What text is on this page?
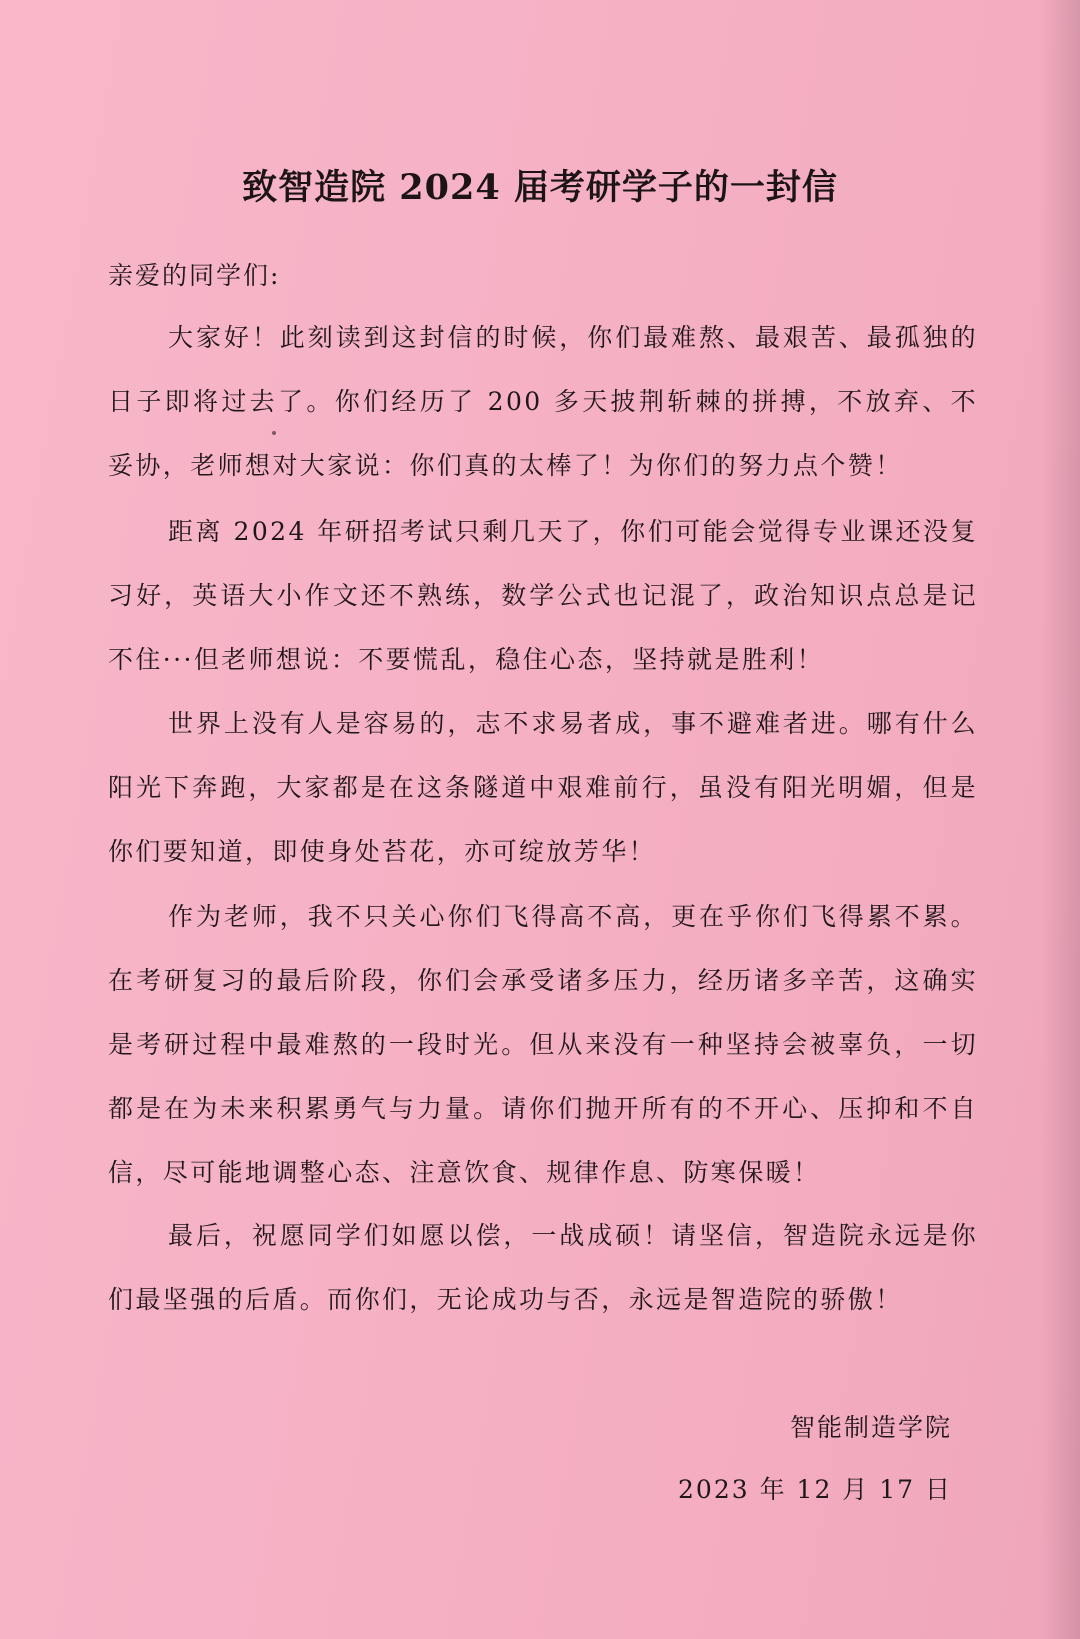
致智造院 2024 届考研学子的一封信
亲爱的同学们:

大家好！此刻读到这封信的时候，你们最难熬、最艰苦、最孤独的日子即将过去了。你们经历了 200 多天披荆斩棘的拼搏，不放弃、不妥协，老师想对大家说：你们真的太棒了！为你们的努力点个赞！

距离 2024 年研招考试只剩几天了，你们可能会觉得专业课还没复习好，英语大小作文还不熟练，数学公式也记混了，政治知识点总是记不住···但老师想说：不要慌乱，稳住心态，坚持就是胜利！

世界上没有人是容易的，志不求易者成，事不避难者进。哪有什么阳光下奔跑，大家都是在这条隧道中艰难前行，虽没有阳光明媚，但是你们要知道，即使身处苔花，亦可绽放芳华！

作为老师，我不只关心你们飞得高不高，更在乎你们飞得累不累。在考研复习的最后阶段，你们会承受诸多压力，经历诸多辛苦，这确实是考研过程中最难熬的一段时光。但从来没有一种坚持会被辜负，一切都是在为未来积累勇气与力量。请你们抛开所有的不开心、压抑和不自信，尽可能地调整心态、注意饮食、规律作息、防寒保暖！

最后，祝愿同学们如愿以偿，一战成硕！请坚信，智造院永远是你们最坚强的后盾。而你们，无论成功与否，永远是智造院的骄傲！

智能制造学院
2023 年 12 月 17 日
